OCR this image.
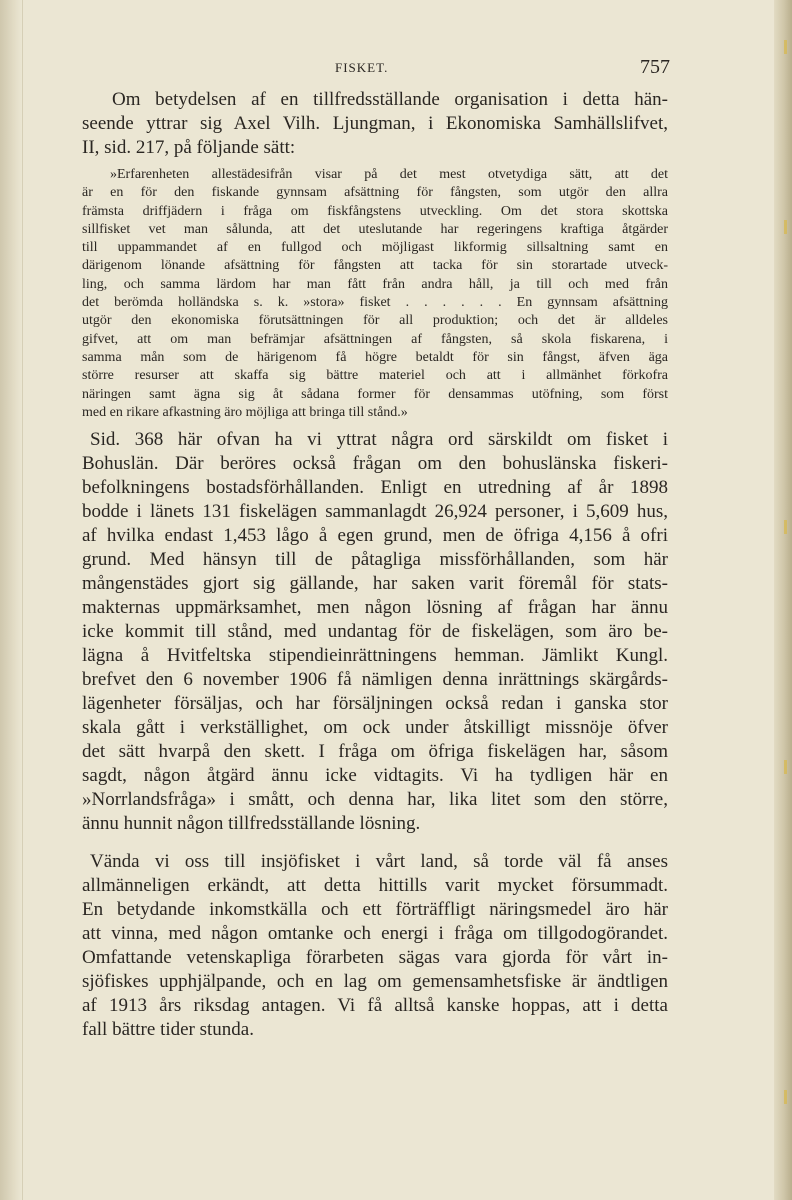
FISKET.	757

Om betydelsen af en tillfredsställande organisation i detta hän-
seende yttrar sig Axel Vilh. Ljungman, i Ekonomiska Samhällslifvet,
II, sid. 217, på följande sätt:

»Erfarenheten allestädesifrån visar på det mest otvetydiga sätt, att det
är en för den fiskande gynnsam afsättning för fångsten, som utgör den allra
främsta driffjädern i fråga om fiskfångstens utveckling. Om det stora skottska
sillfisket vet man sålunda, att det uteslutande har regeringens kraftiga åtgärder
till uppammandet af en fullgod och möjligast likformig sillsaltning samt en
därigenom lönande afsättning för fångsten att tacka för sin storartade utveck-
ling, och samma lärdom har man fått från andra håll, ja till och med från
det berömda holländska s. k. »stora» fisket . . . . . . En gynnsam afsättning
utgör den ekonomiska förutsättningen för all produktion; och det är alldeles
gifvet, att om man befrämjar afsättningen af fångsten, så skola fiskarena, i
samma mån som de härigenom få högre betaldt för sin fångst, äfven äga
större resurser att skaffa sig bättre materiel och att i allmänhet förkofra
näringen samt ägna sig åt sådana former för densammas utöfning, som först
med en rikare afkastning äro möjliga att bringa till stånd.»

Sid. 368 här ofvan ha vi yttrat några ord särskildt om fisket i
Bohuslän. Där beröres också frågan om den bohuslänska fiskeri-
befolkningens bostadsförhållanden. Enligt en utredning af år 1898
bodde i länets 131 fiskelägen sammanlagdt 26,924 personer, i 5,609 hus,
af hvilka endast 1,453 lågo å egen grund, men de öfriga 4,156 å ofri
grund. Med hänsyn till de påtagliga missförhållanden, som här
mångenstädes gjort sig gällande, har saken varit föremål för stats-
makternas uppmärksamhet, men någon lösning af frågan har ännu
icke kommit till stånd, med undantag för de fiskelägen, som äro be-
lägna å Hvitfeltska stipendieinrättningens hemman. Jämlikt Kungl.
brefvet den 6 november 1906 få nämligen denna inrättnings skärgårds-
lägenheter försäljas, och har försäljningen också redan i ganska stor
skala gått i verkställighet, om ock under åtskilligt missnöje öfver
det sätt hvarpå den skett. I fråga om öfriga fiskelägen har, såsom
sagdt, någon åtgärd ännu icke vidtagits. Vi ha tydligen här en
»Norrlandsfråga» i smått, och denna har, lika litet som den större,
ännu hunnit någon tillfredsställande lösning.

Vända vi oss till insjöfisket i vårt land, så torde väl få anses
allmänneligen erkändt, att detta hittills varit mycket försummadt.
En betydande inkomstkälla och ett förträffligt näringsmedel äro här
att vinna, med någon omtanke och energi i fråga om tillgodogörandet.
Omfattande vetenskapliga förarbeten sägas vara gjorda för vårt in-
sjöfiskes upphjälpande, och en lag om gemensamhetsfiske är ändtligen
af 1913 års riksdag antagen. Vi få alltså kanske hoppas, att i detta
fall bättre tider stunda.
